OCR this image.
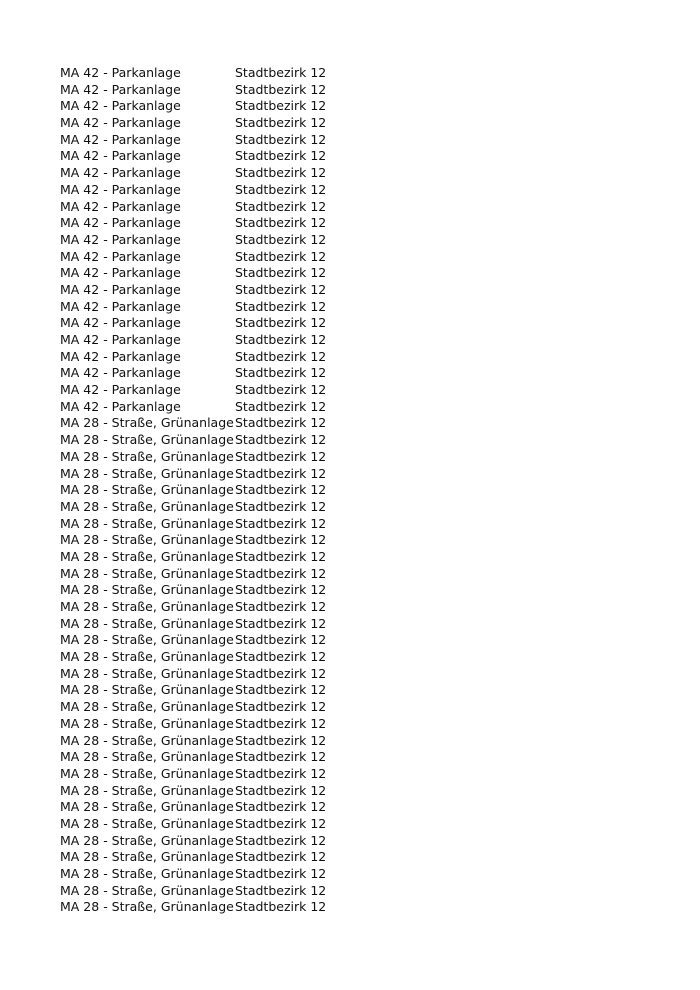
MA 42 - Parkanlage	Stadtbezirk 12
MA 42 - Parkanlage	Stadtbezirk 12
MA 42 - Parkanlage	Stadtbezirk 12
MA 42 - Parkanlage	Stadtbezirk 12
MA 42 - Parkanlage	Stadtbezirk 12
MA 42 - Parkanlage	Stadtbezirk 12
MA 42 - Parkanlage	Stadtbezirk 12
MA 42 - Parkanlage	Stadtbezirk 12
MA 42 - Parkanlage	Stadtbezirk 12
MA 42 - Parkanlage	Stadtbezirk 12
MA 42 - Parkanlage	Stadtbezirk 12
MA 42 - Parkanlage	Stadtbezirk 12
MA 42 - Parkanlage	Stadtbezirk 12
MA 42 - Parkanlage	Stadtbezirk 12
MA 42 - Parkanlage	Stadtbezirk 12
MA 42 - Parkanlage	Stadtbezirk 12
MA 42 - Parkanlage	Stadtbezirk 12
MA 42 - Parkanlage	Stadtbezirk 12
MA 42 - Parkanlage	Stadtbezirk 12
MA 42 - Parkanlage	Stadtbezirk 12
MA 42 - Parkanlage	Stadtbezirk 12
MA 28 - Straße, Grünanlage Stadtbezirk 12
MA 28 - Straße, Grünanlage Stadtbezirk 12
MA 28 - Straße, Grünanlage Stadtbezirk 12
MA 28 - Straße, Grünanlage Stadtbezirk 12
MA 28 - Straße, Grünanlage Stadtbezirk 12
MA 28 - Straße, Grünanlage Stadtbezirk 12
MA 28 - Straße, Grünanlage Stadtbezirk 12
MA 28 - Straße, Grünanlage Stadtbezirk 12
MA 28 - Straße, Grünanlage Stadtbezirk 12
MA 28 - Straße, Grünanlage Stadtbezirk 12
MA 28 - Straße, Grünanlage Stadtbezirk 12
MA 28 - Straße, Grünanlage Stadtbezirk 12
MA 28 - Straße, Grünanlage Stadtbezirk 12
MA 28 - Straße, Grünanlage Stadtbezirk 12
MA 28 - Straße, Grünanlage Stadtbezirk 12
MA 28 - Straße, Grünanlage Stadtbezirk 12
MA 28 - Straße, Grünanlage Stadtbezirk 12
MA 28 - Straße, Grünanlage Stadtbezirk 12
MA 28 - Straße, Grünanlage Stadtbezirk 12
MA 28 - Straße, Grünanlage Stadtbezirk 12
MA 28 - Straße, Grünanlage Stadtbezirk 12
MA 28 - Straße, Grünanlage Stadtbezirk 12
MA 28 - Straße, Grünanlage Stadtbezirk 12
MA 28 - Straße, Grünanlage Stadtbezirk 12
MA 28 - Straße, Grünanlage Stadtbezirk 12
MA 28 - Straße, Grünanlage Stadtbezirk 12
MA 28 - Straße, Grünanlage Stadtbezirk 12
MA 28 - Straße, Grünanlage Stadtbezirk 12
MA 28 - Straße, Grünanlage Stadtbezirk 12
MA 28 - Straße, Grünanlage Stadtbezirk 12
